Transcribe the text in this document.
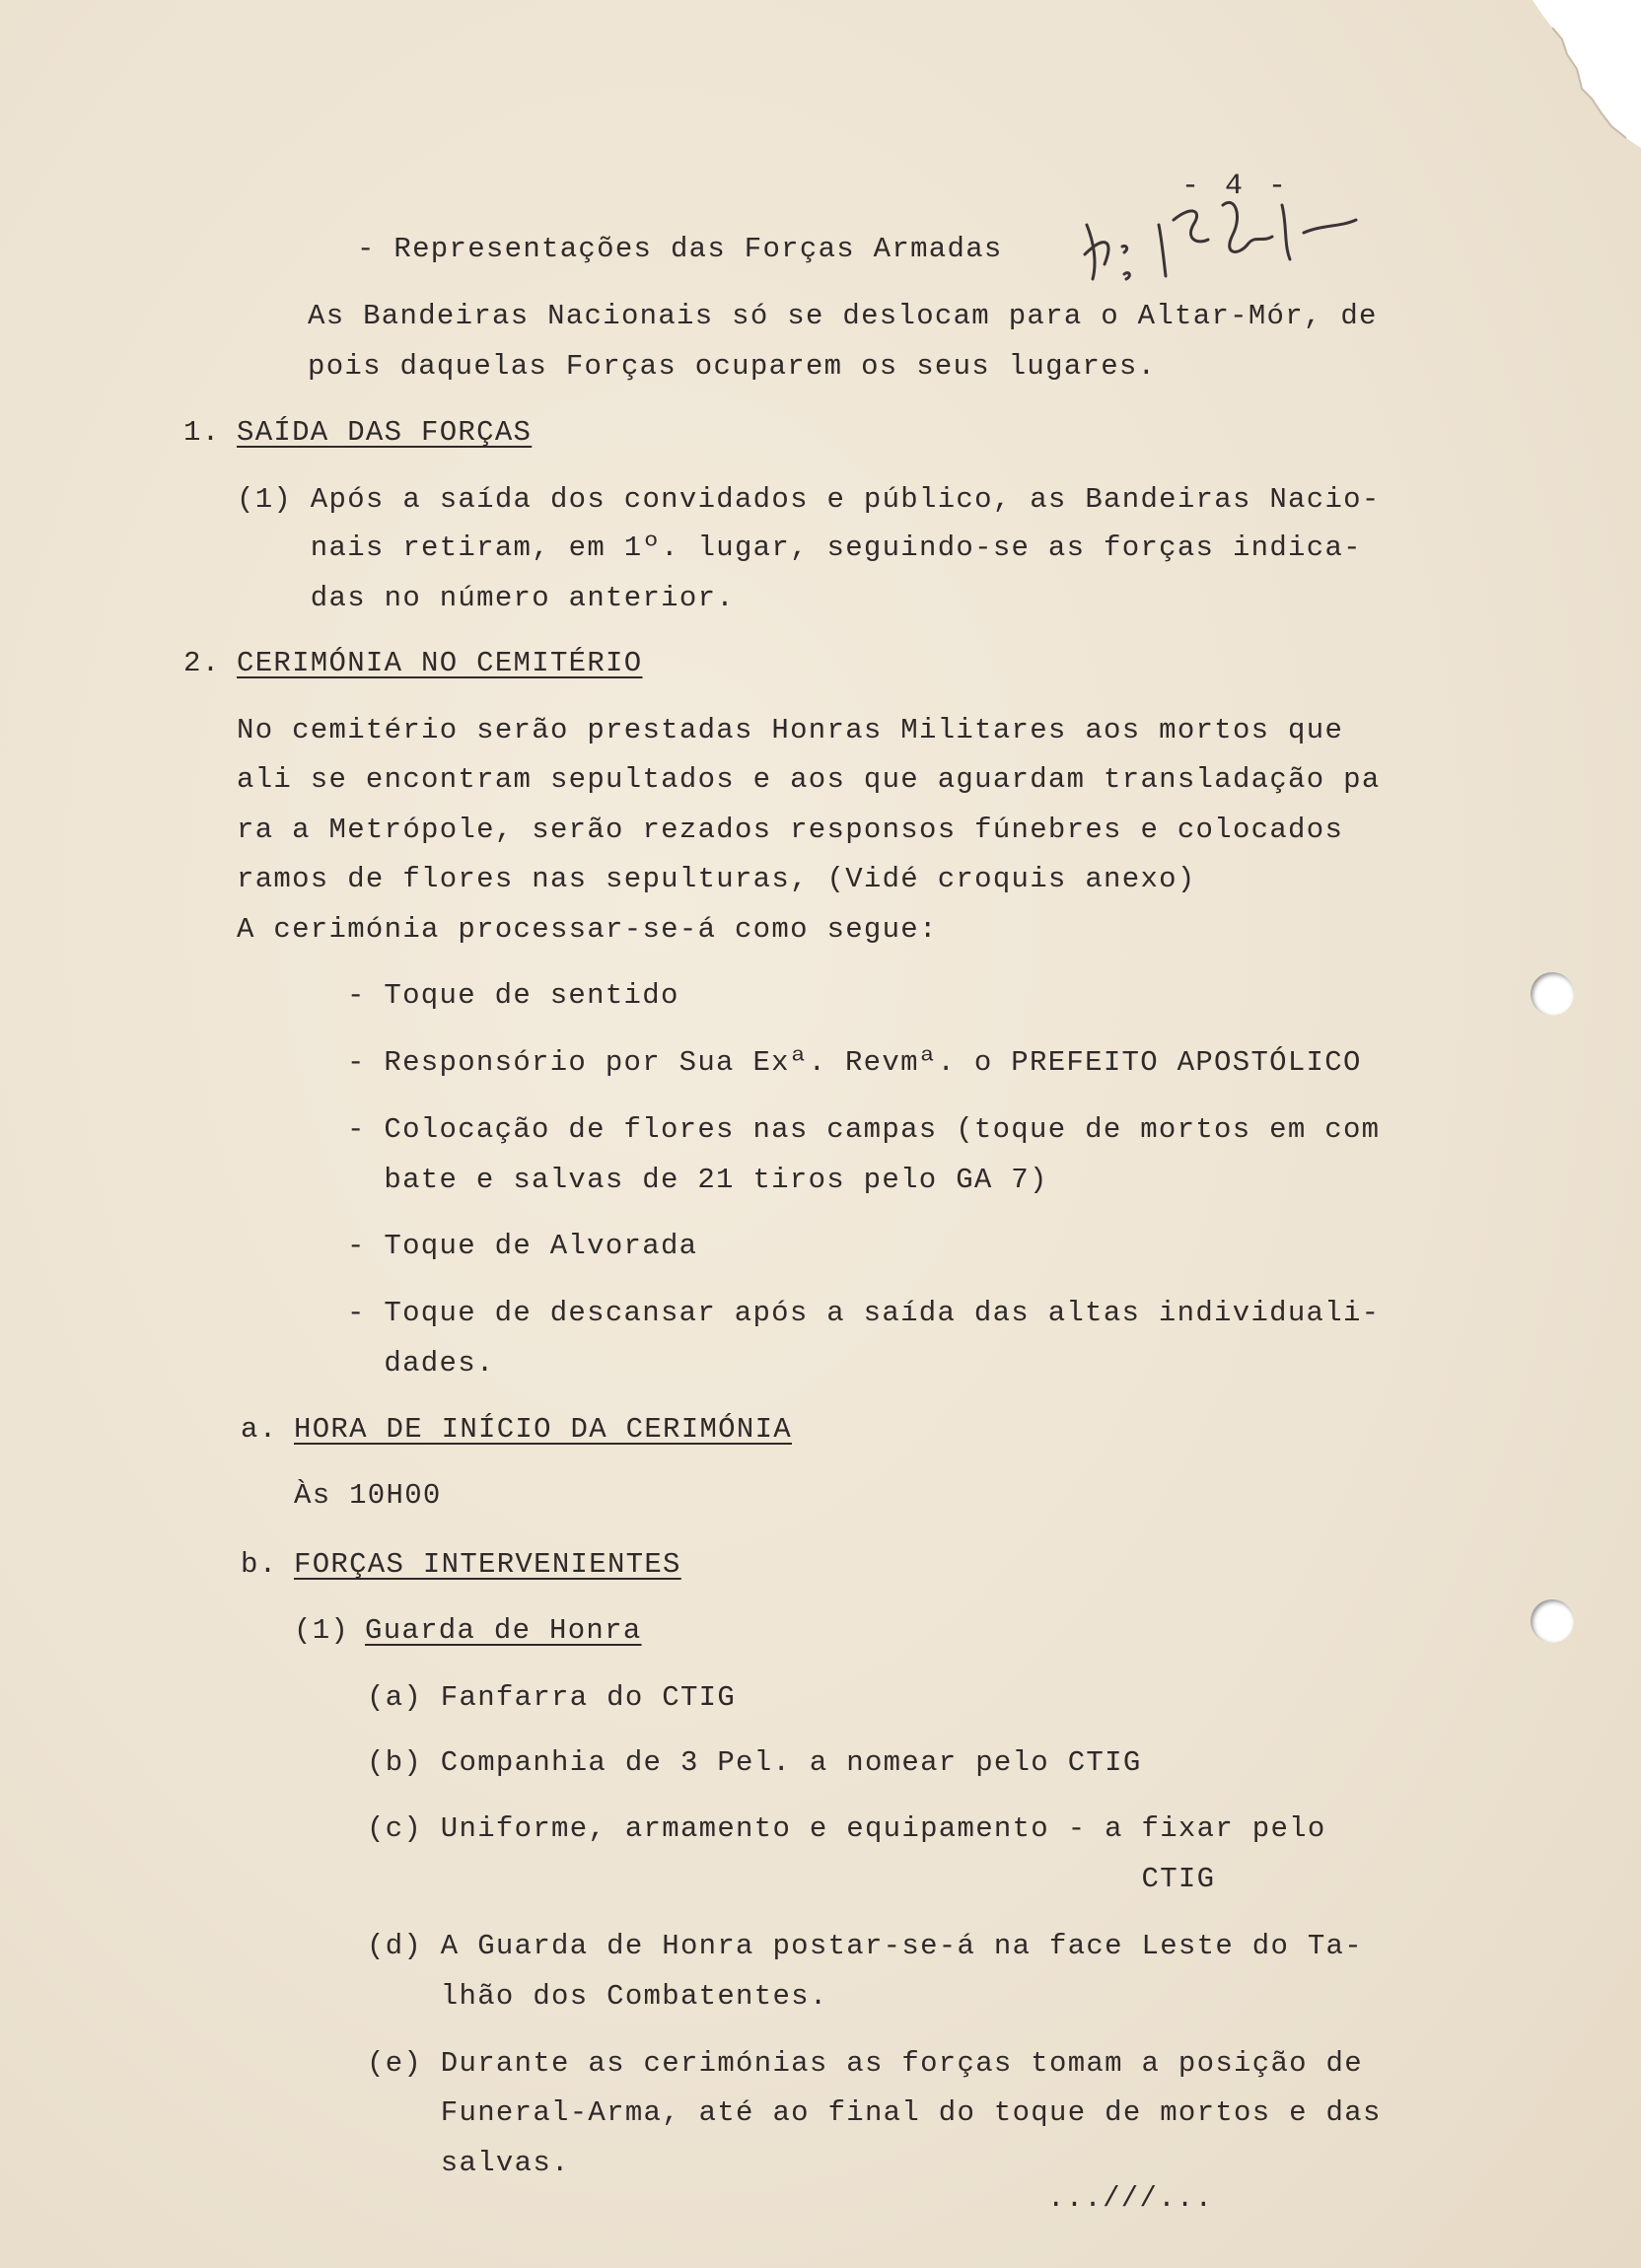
- 4 -
- Representações das Forças Armadas
As Bandeiras Nacionais só se deslocam para o Altar-Mór, de
pois daquelas Forças ocuparem os seus lugares.
1. SAÍDA DAS FORÇAS
(1) Após a saída dos convidados e público, as Bandeiras Nacio-
nais retiram, em 1º. lugar, seguindo-se as forças indica-
das no número anterior.
2. CERIMÓNIA NO CEMITÉRIO
No cemitério serão prestadas Honras Militares aos mortos que
ali se encontram sepultados e aos que aguardam transladação pa
ra a Metrópole, serão rezados responsos fúnebres e colocados
ramos de flores nas sepulturas, (Vidé croquis anexo)
A cerimónia processar-se-á como segue:
- Toque de sentido
- Responsório por Sua Exª. Revmª. o PREFEITO APOSTÓLICO
- Colocação de flores nas campas (toque de mortos em com
bate e salvas de 21 tiros pelo GA 7)
- Toque de Alvorada
- Toque de descansar após a saída das altas individuali-
dades.
a. HORA DE INÍCIO DA CERIMÓNIA
Às 10H00
b. FORÇAS INTERVENIENTES
(1) Guarda de Honra
(a) Fanfarra do CTIG
(b) Companhia de 3 Pel. a nomear pelo CTIG
(c) Uniforme, armamento e equipamento - a fixar pelo
CTIG
(d) A Guarda de Honra postar-se-á na face Leste do Ta-
lhão dos Combatentes.
(e) Durante as cerimónias as forças tomam a posição de
Funeral-Arma, até ao final do toque de mortos e das
salvas.
...///...
